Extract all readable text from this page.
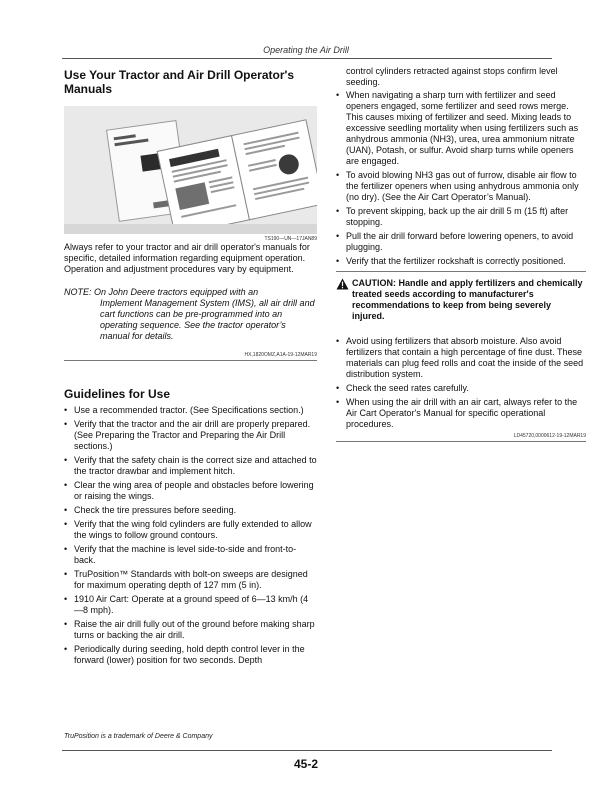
Operating the Air Drill
Use Your Tractor and Air Drill Operator's Manuals
TS190—UN—17JAN89

Always refer to your tractor and air drill operator's manuals for specific, detailed information regarding equipment operation. Operation and adjustment procedures vary by equipment.

NOTE: On John Deere tractors equipped with an
Implement Management System (IMS), all air drill and cart functions can be pre-programmed into an operating sequence. See the tractor operator’s manual for details.

HX,1820OMZ,A1A-19-12MAR19
Guidelines for Use
• Use a recommended tractor. (See Specifications section.)
• Verify that the tractor and the air drill are properly prepared. (See Preparing the Tractor and Preparing the Air Drill sections.)
• Verify that the safety chain is the correct size and attached to the tractor drawbar and implement hitch.
• Clear the wing area of people and obstacles before lowering or raising the wings.
• Check the tire pressures before seeding.
• Verify that the wing fold cylinders are fully extended to allow the wings to follow ground contours.
• Verify that the machine is level side-to-side and front-to-back.
• TruPosition™ Standards with bolt-on sweeps are designed for maximum operating depth of 127 mm (5 in).
• 1910 Air Cart: Operate at a ground speed of 6—13 km/h (4—8 mph).
• Raise the air drill fully out of the ground before making sharp turns or backing the air drill.
• Periodically during seeding, hold depth control lever in the forward (lower) position for two seconds. Depth

control cylinders retracted against stops confirm level seeding.

• When navigating a sharp turn with fertilizer and seed openers engaged, some fertilizer and seed rows merge. This causes mixing of fertilizer and seed. Mixing leads to excessive seedling mortality when using fertilizers such as anhydrous ammonia (NH3), urea, urea ammonium nitrate (UAN), Potash, or sulfur. Avoid sharp turns while openers are engaged.
• To avoid blowing NH3 gas out of furrow, disable air flow to the fertilizer openers when using anhydrous ammonia only (no dry). (See the Air Cart Operator’s Manual).
• To prevent skipping, back up the air drill 5 m (15 ft) after stopping.
• Pull the air drill forward before lowering openers, to avoid plugging.
• Verify that the fertilizer rockshaft is correctly positioned.
CAUTION: Handle and apply fertilizers and chemically treated seeds according to manufacturer's recommendations to keep from being severely injured.
• Avoid using fertilizers that absorb moisture. Also avoid fertilizers that contain a high percentage of fine dust. These materials can plug feed rolls and coat the inside of the seed distribution system.
• Check the seed rates carefully.
• When using the air drill with an air cart, always refer to the Air Cart Operator's Manual for specific operational procedures.
LD45720,0000612-19-12MAR19
TruPosition is a trademark of Deere & Company
45-2
